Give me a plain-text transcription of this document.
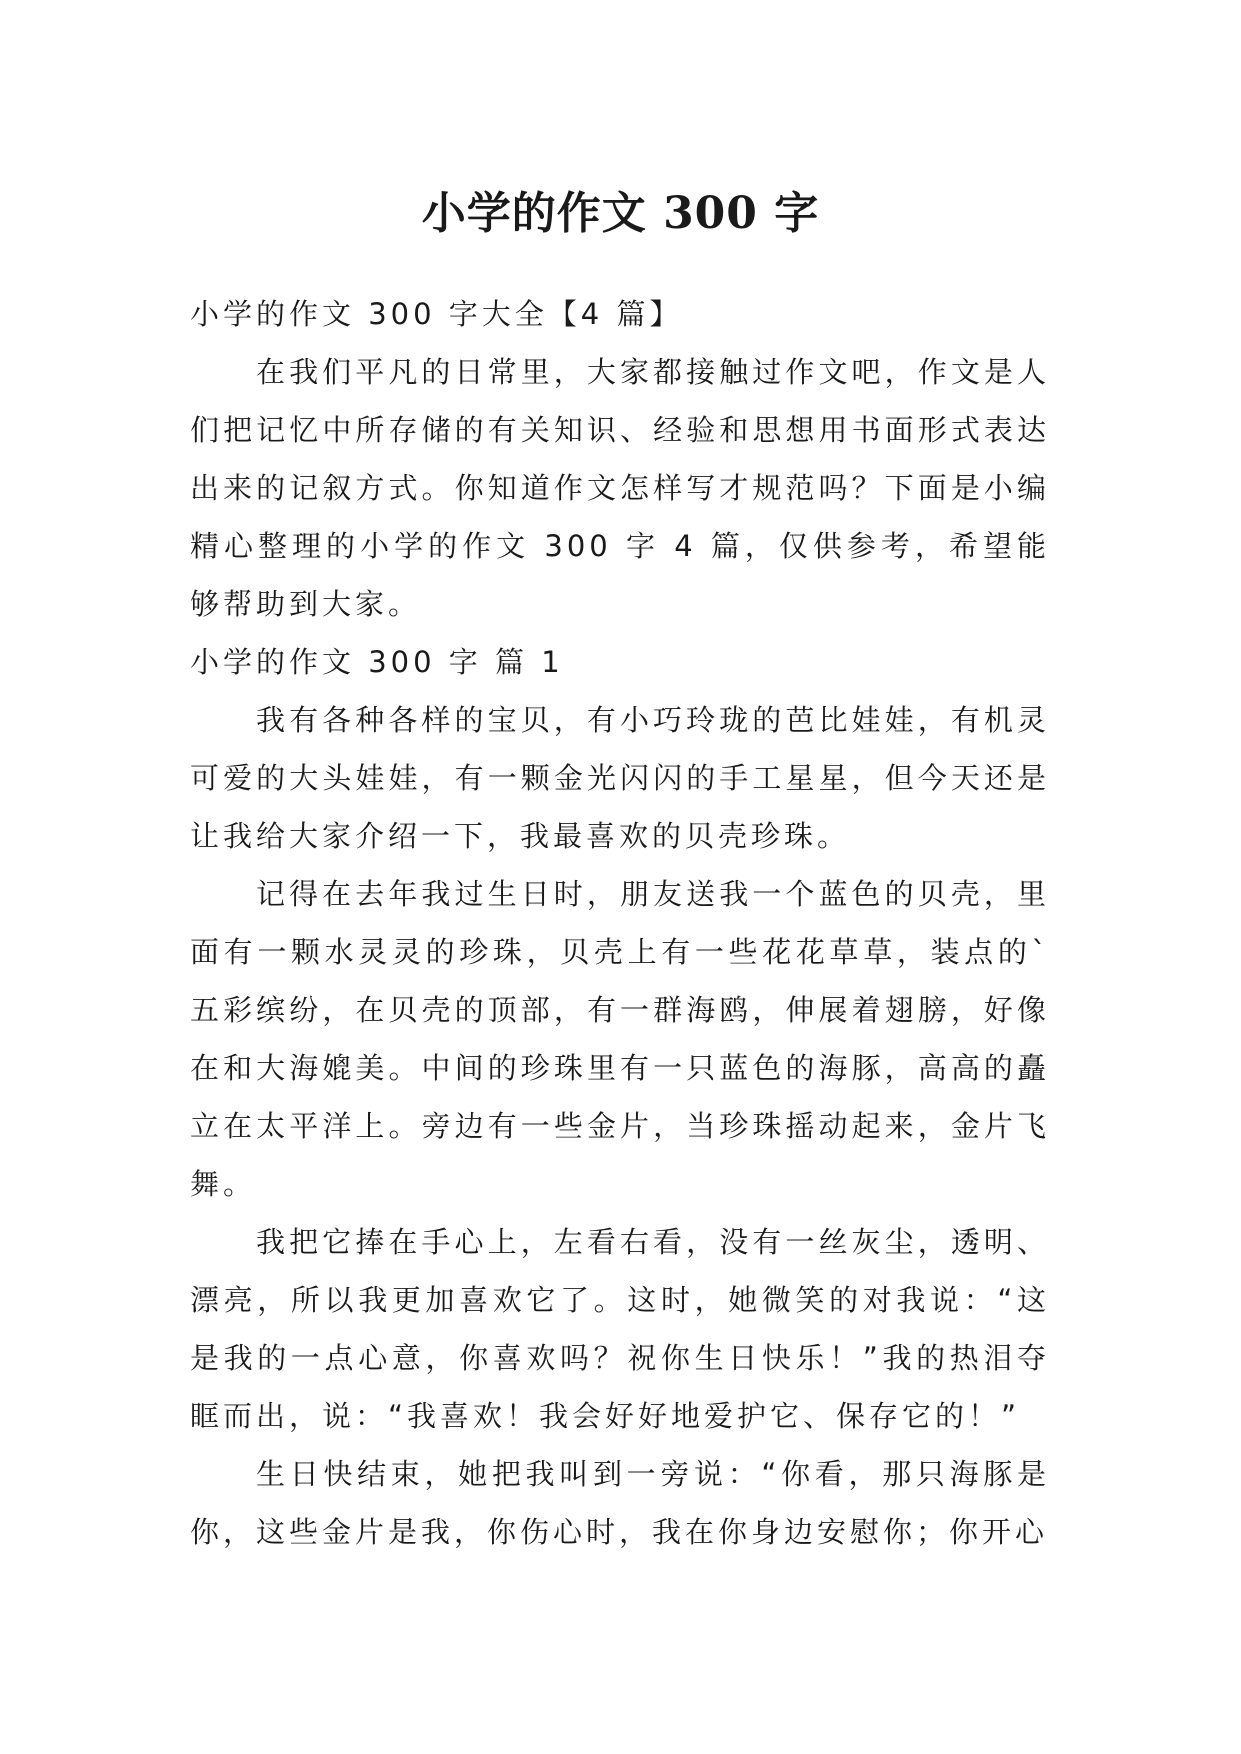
小学的作文 300 字

小学的作文 300 字大全【4 篇】

在我们平凡的日常里，大家都接触过作文吧，作文是人们把记忆中所存储的有关知识、经验和思想用书面形式表达出来的记叙方式。你知道作文怎样写才规范吗？下面是小编精心整理的小学的作文 300 字 4 篇，仅供参考，希望能够帮助到大家。

小学的作文 300 字 篇 1

我有各种各样的宝贝，有小巧玲珑的芭比娃娃，有机灵可爱的大头娃娃，有一颗金光闪闪的手工星星，但今天还是让我给大家介绍一下，我最喜欢的贝壳珍珠。

记得在去年我过生日时，朋友送我一个蓝色的贝壳，里面有一颗水灵灵的珍珠，贝壳上有一些花花草草，装点的`五彩缤纷，在贝壳的顶部，有一群海鸥，伸展着翅膀，好像在和大海媲美。中间的珍珠里有一只蓝色的海豚，高高的矗立在太平洋上。旁边有一些金片，当珍珠摇动起来，金片飞舞。

我把它捧在手心上，左看右看，没有一丝灰尘，透明、漂亮，所以我更加喜欢它了。这时，她微笑的对我说：“这是我的一点心意，你喜欢吗？祝你生日快乐！”我的热泪夺眶而出，说：“我喜欢！我会好好地爱护它、保存它的！”

生日快结束，她把我叫到一旁说：“你看，那只海豚是你，这些金片是我，你伤心时，我在你身边安慰你；你开心
